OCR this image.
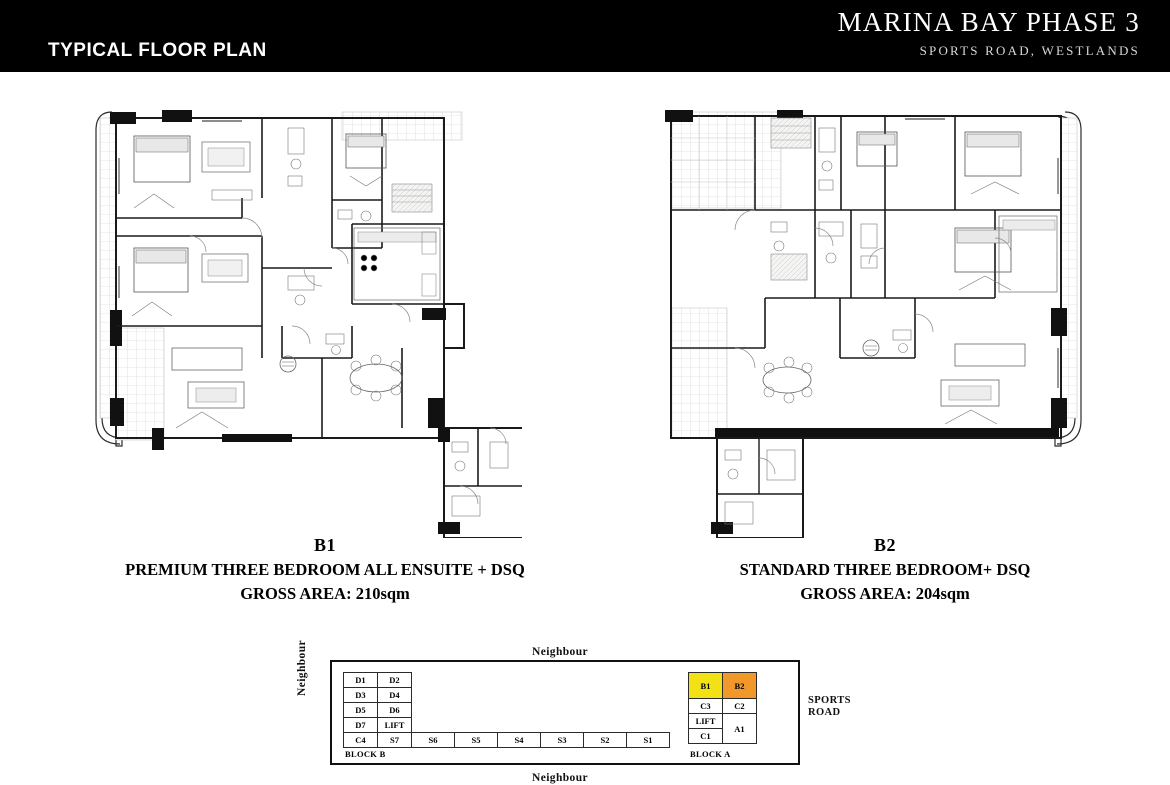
TYPICAL FLOOR PLAN
MARINA BAY PHASE 3
SPORTS ROAD, WESTLANDS
B1
PREMIUM THREE BEDROOM ALL ENSUITE + DSQ
GROSS AREA: 210sqm
B2
STANDARD THREE BEDROOM+ DSQ
GROSS AREA: 204sqm
Neighbour
Neighbour
Neighbour
SPORTS
ROAD
D1	D2
D3	D4
D5	D6
D7	LIFT
C4	S7	S6	S5	S4	S3	S2	S1
B1	B2
C3	C2
LIFT	A1
C1	
BLOCK B	BLOCK A
